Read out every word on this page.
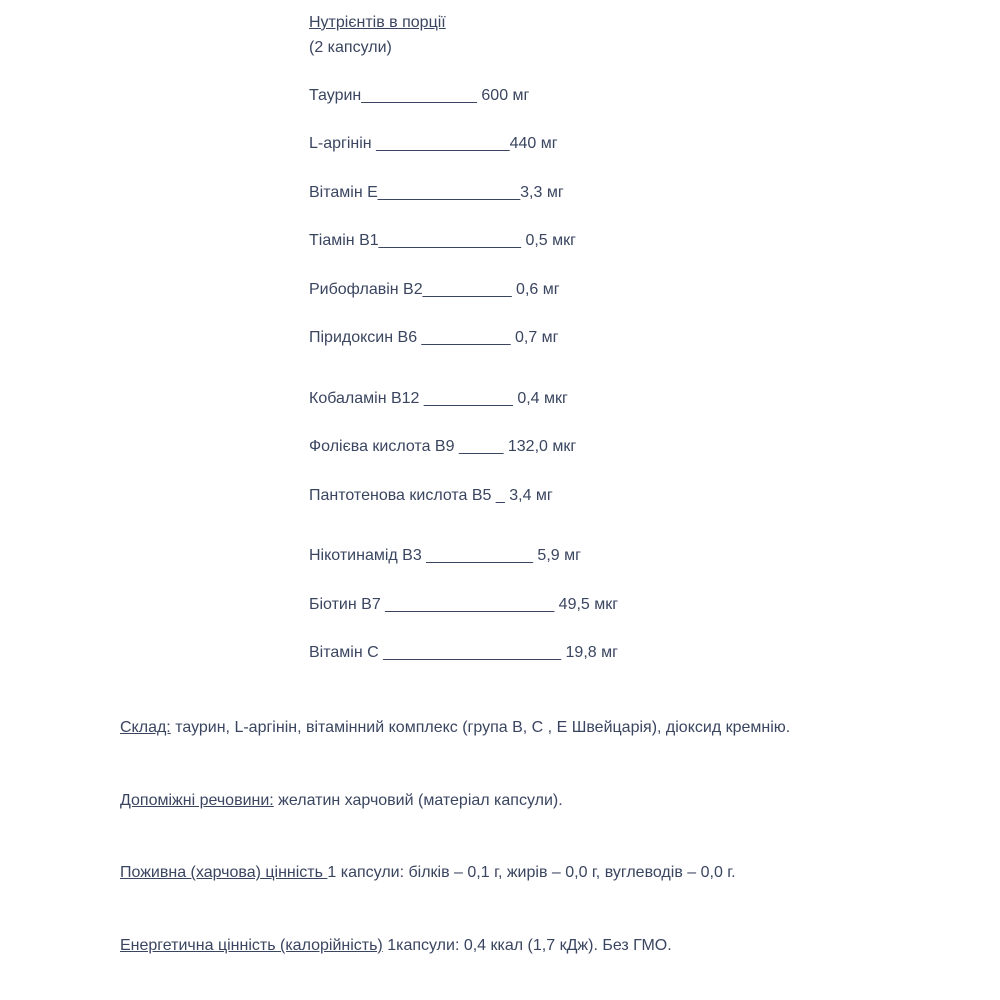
Нутрієнтів в порції
(2 капсули)
Таурин_____________ 600 мг
L-аргінін _______________440 мг
Вітамін Е________________3,3 мг
Тіамін В1________________ 0,5 мкг
Рибофлавін В2__________ 0,6 мг
Піридоксин В6 __________ 0,7 мг
Кобаламін В12 __________ 0,4 мкг
Фолієва кислота В9 _____ 132,0 мкг
Пантотенова кислота В5 _ 3,4 мг
Нікотинамід В3 ____________ 5,9 мг
Біотин В7 ___________________ 49,5 мкг
Вітамін С ____________________ 19,8 мг
Склад: таурин, L-аргінін, вітамінний комплекс (група В, С , Е Швейцарія), діоксид кремнію.
Допоміжні речовини: желатин харчовий (матеріал капсули).
Поживна (харчова) цінність 1 капсули: білків – 0,1 г, жирів – 0,0 г, вуглеводів – 0,0 г.
Енергетична цінність (калорійність) 1капсули: 0,4 ккал (1,7 кДж). Без ГМО.
